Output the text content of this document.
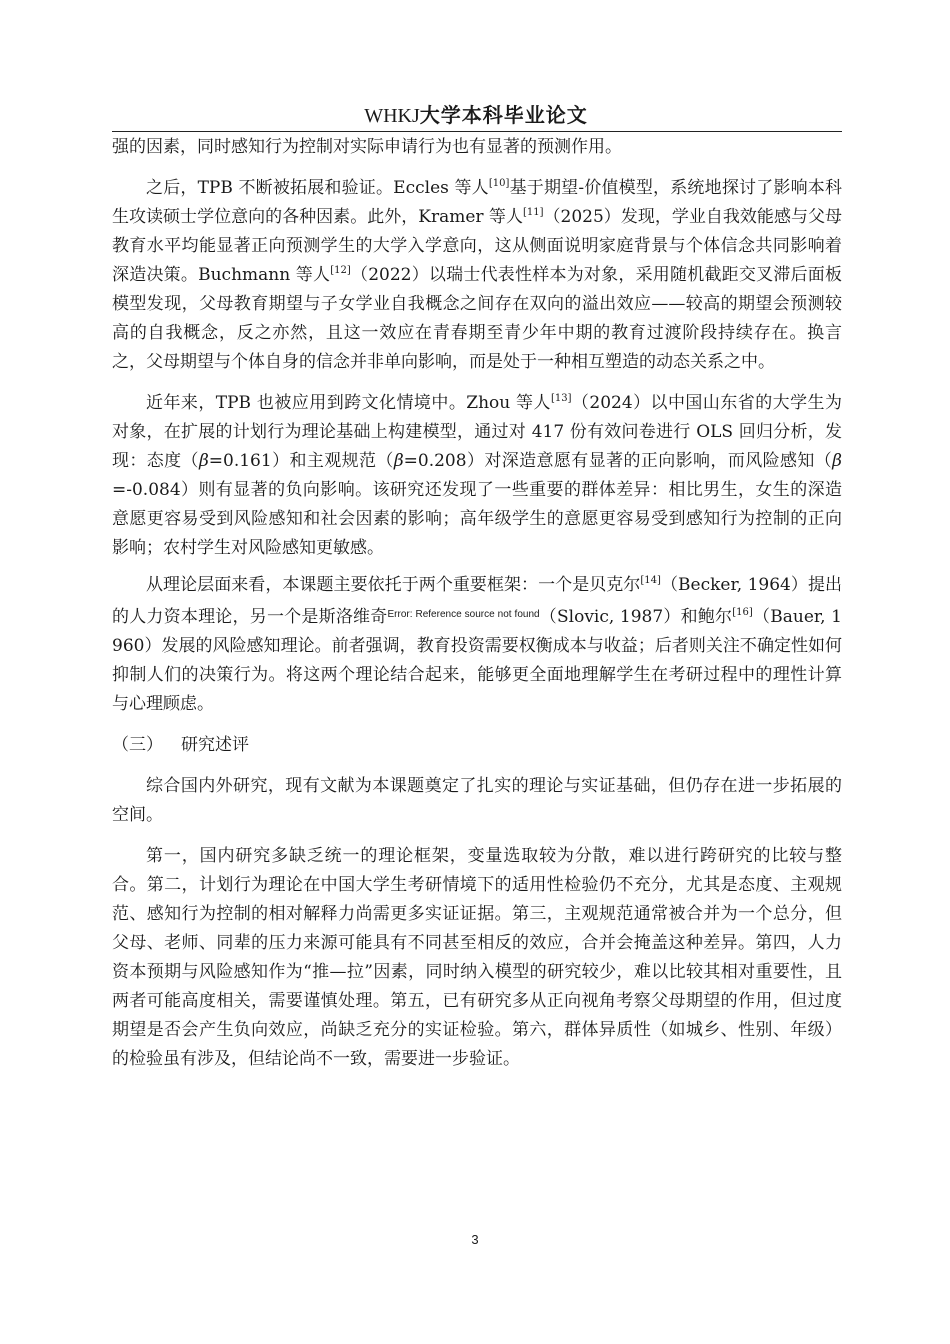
WHKJ大学本科毕业论文

强的因素，同时感知行为控制对实际申请行为也有显著的预测作用。

之后，TPB 不断被拓展和验证。Eccles 等人[10]基于期望-价值模型，系统地探讨了影响本科生攻读硕士学位意向的各种因素。此外，Kramer 等人[11]（2025）发现，学业自我效能感与父母教育水平均能显著正向预测学生的大学入学意向，这从侧面说明家庭背景与个体信念共同影响着深造决策。Buchmann 等人[12]（2022）以瑞士代表性样本为对象，采用随机截距交叉滞后面板模型发现，父母教育期望与子女学业自我概念之间存在双向的溢出效应——较高的期望会预测较高的自我概念，反之亦然，且这一效应在青春期至青少年中期的教育过渡阶段持续存在。换言之，父母期望与个体自身的信念并非单向影响，而是处于一种相互塑造的动态关系之中。

近年来，TPB 也被应用到跨文化情境中。Zhou 等人[13]（2024）以中国山东省的大学生为对象，在扩展的计划行为理论基础上构建模型，通过对 417 份有效问卷进行 OLS 回归分析，发现：态度（β=0.161）和主观规范（β=0.208）对深造意愿有显著的正向影响，而风险感知（β=-0.084）则有显著的负向影响。该研究还发现了一些重要的群体差异：相比男生，女生的深造意愿更容易受到风险感知和社会因素的影响；高年级学生的意愿更容易受到感知行为控制的正向影响；农村学生对风险感知更敏感。

从理论层面来看，本课题主要依托于两个重要框架：一个是贝克尔[14]（Becker, 1964）提出的人力资本理论，另一个是斯洛维奇$^{Error: Reference source not found}$（Slovic, 1987）和鲍尔[16]（Bauer, 1960）发展的风险感知理论。前者强调，教育投资需要权衡成本与收益；后者则关注不确定性如何抑制人们的决策行为。将这两个理论结合起来，能够更全面地理解学生在考研过程中的理性计算与心理顾虑。

（三） 研究述评

综合国内外研究，现有文献为本课题奠定了扎实的理论与实证基础，但仍存在进一步拓展的空间。

第一，国内研究多缺乏统一的理论框架，变量选取较为分散，难以进行跨研究的比较与整合。第二，计划行为理论在中国大学生考研情境下的适用性检验仍不充分，尤其是态度、主观规范、感知行为控制的相对解释力尚需更多实证证据。第三，主观规范通常被合并为一个总分，但父母、老师、同辈的压力来源可能具有不同甚至相反的效应，合并会掩盖这种差异。第四，人力资本预期与风险感知作为“推—拉”因素，同时纳入模型的研究较少，难以比较其相对重要性，且两者可能高度相关，需要谨慎处理。第五，已有研究多从正向视角考察父母期望的作用，但过度期望是否会产生负向效应，尚缺乏充分的实证检验。第六，群体异质性（如城乡、性别、年级）的检验虽有涉及，但结论尚不一致，需要进一步验证。

3
